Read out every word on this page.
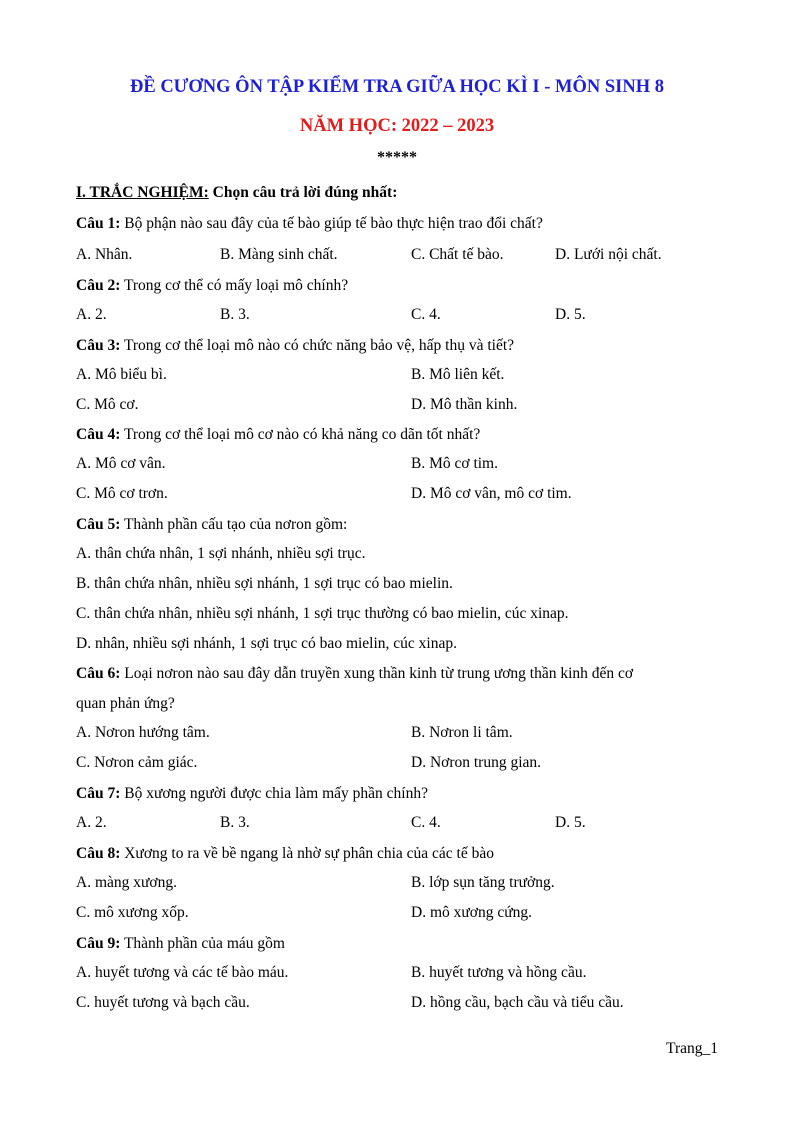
ĐỀ CƯƠNG ÔN TẬP KIỂM TRA GIỮA HỌC KÌ I - MÔN SINH 8
NĂM HỌC: 2022 – 2023
*****

I. TRẮC NGHIỆM: Chọn câu trả lời đúng nhất:

Câu 1: Bộ phận nào sau đây của tế bào giúp tế bào thực hiện trao đổi chất?

A. Nhân.	B. Màng sinh chất.	C. Chất tế bào.	D. Lưới nội chất.

Câu 2: Trong cơ thể có mấy loại mô chính?

A. 2.	B. 3.	C. 4.	D. 5.

Câu 3: Trong cơ thể loại mô nào có chức năng bảo vệ, hấp thụ và tiết?

A. Mô biểu bì.	B. Mô liên kết.
C. Mô cơ.	D. Mô thần kinh.

Câu 4: Trong cơ thể loại mô cơ nào có khả năng co dãn tốt nhất?

A. Mô cơ vân.	B. Mô cơ tim.
C. Mô cơ trơn.	D. Mô cơ vân, mô cơ tim.

Câu 5: Thành phần cấu tạo của nơron gồm:

A. thân chứa nhân, 1 sợi nhánh, nhiều sợi trục.
B. thân chứa nhân, nhiều sợi nhánh, 1 sợi trục có bao mielin.
C. thân chứa nhân, nhiều sợi nhánh, 1 sợi trục thường có bao mielin, cúc xinap.
D. nhân, nhiều sợi nhánh, 1 sợi trục có bao mielin, cúc xinap.

Câu 6: Loại nơron nào sau đây dẫn truyền xung thần kinh từ trung ương thần kinh đến cơ

quan phản ứng?

A. Nơron hướng tâm.	B. Nơron li tâm.
C. Nơron cảm giác.	D. Nơron trung gian.

Câu 7: Bộ xương người được chia làm mấy phần chính?

A. 2.	B. 3.	C. 4.	D. 5.

Câu 8: Xương to ra về bề ngang là nhờ sự phân chia của các tế bào

A. màng xương.	B. lớp sụn tăng trưởng.
C. mô xương xốp.	D. mô xương cứng.

Câu 9: Thành phần của máu gồm

A. huyết tương và các tế bào máu.	B. huyết tương và hồng cầu.
C. huyết tương và bạch cầu.	D. hồng cầu, bạch cầu và tiểu cầu.
Trang_1
